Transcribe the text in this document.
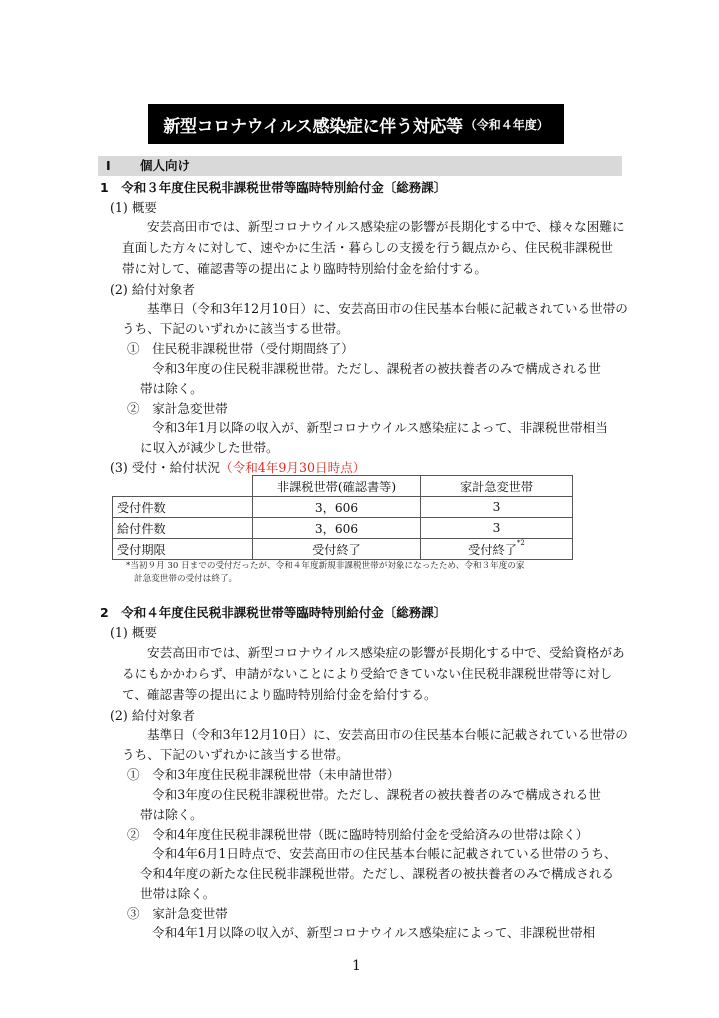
新型コロナウイルス感染症に伴う対応等 （令和４年度）
Ⅰ 個人向け
1　令和３年度住民税非課税世帯等臨時特別給付金〔総務課〕
(1) 概要
安芸高田市では、新型コロナウイルス感染症の影響が長期化する中で、様々な困難に
直面した方々に対して、速やかに生活・暮らしの支援を行う観点から、住民税非課税世
帯に対して、確認書等の提出により臨時特別給付金を給付する。
(2) 給付対象者
基準日（令和3年12月10日）に、安芸高田市の住民基本台帳に記載されている世帯の
うち、下記のいずれかに該当する世帯。
①　住民税非課税世帯（受付期間終了）
令和3年度の住民税非課税世帯。ただし、課税者の被扶養者のみで構成される世
帯は除く。
②　家計急変世帯
令和3年1月以降の収入が、新型コロナウイルス感染症によって、非課税世帯相当
に収入が減少した世帯。
(3) 受付・給付状況（令和4年9月30日時点）
	非課税世帯(確認書等)	家計急変世帯
受付件数	3，606	3
給付件数	3，606	3
受付期限	受付終了	受付終了$^{*2}$
*当初９月 30 日までの受付だったが、令和４年度新規非課税世帯が対象になったため、令和３年度の家
計急変世帯の受付は終了。
2　令和４年度住民税非課税世帯等臨時特別給付金〔総務課〕
(1) 概要
安芸高田市では、新型コロナウイルス感染症の影響が長期化する中で、受給資格があ
るにもかかわらず、申請がないことにより受給できていない住民税非課税世帯等に対し
て、確認書等の提出により臨時特別給付金を給付する。
(2) 給付対象者
基準日（令和3年12月10日）に、安芸高田市の住民基本台帳に記載されている世帯の
うち、下記のいずれかに該当する世帯。
①　令和3年度住民税非課税世帯（未申請世帯）
令和3年度の住民税非課税世帯。ただし、課税者の被扶養者のみで構成される世
帯は除く。
②　令和4年度住民税非課税世帯（既に臨時特別給付金を受給済みの世帯は除く）
令和4年6月1日時点で、安芸高田市の住民基本台帳に記載されている世帯のうち、
令和4年度の新たな住民税非課税世帯。ただし、課税者の被扶養者のみで構成される
世帯は除く。
③　家計急変世帯
令和4年1月以降の収入が、新型コロナウイルス感染症によって、非課税世帯相
1
